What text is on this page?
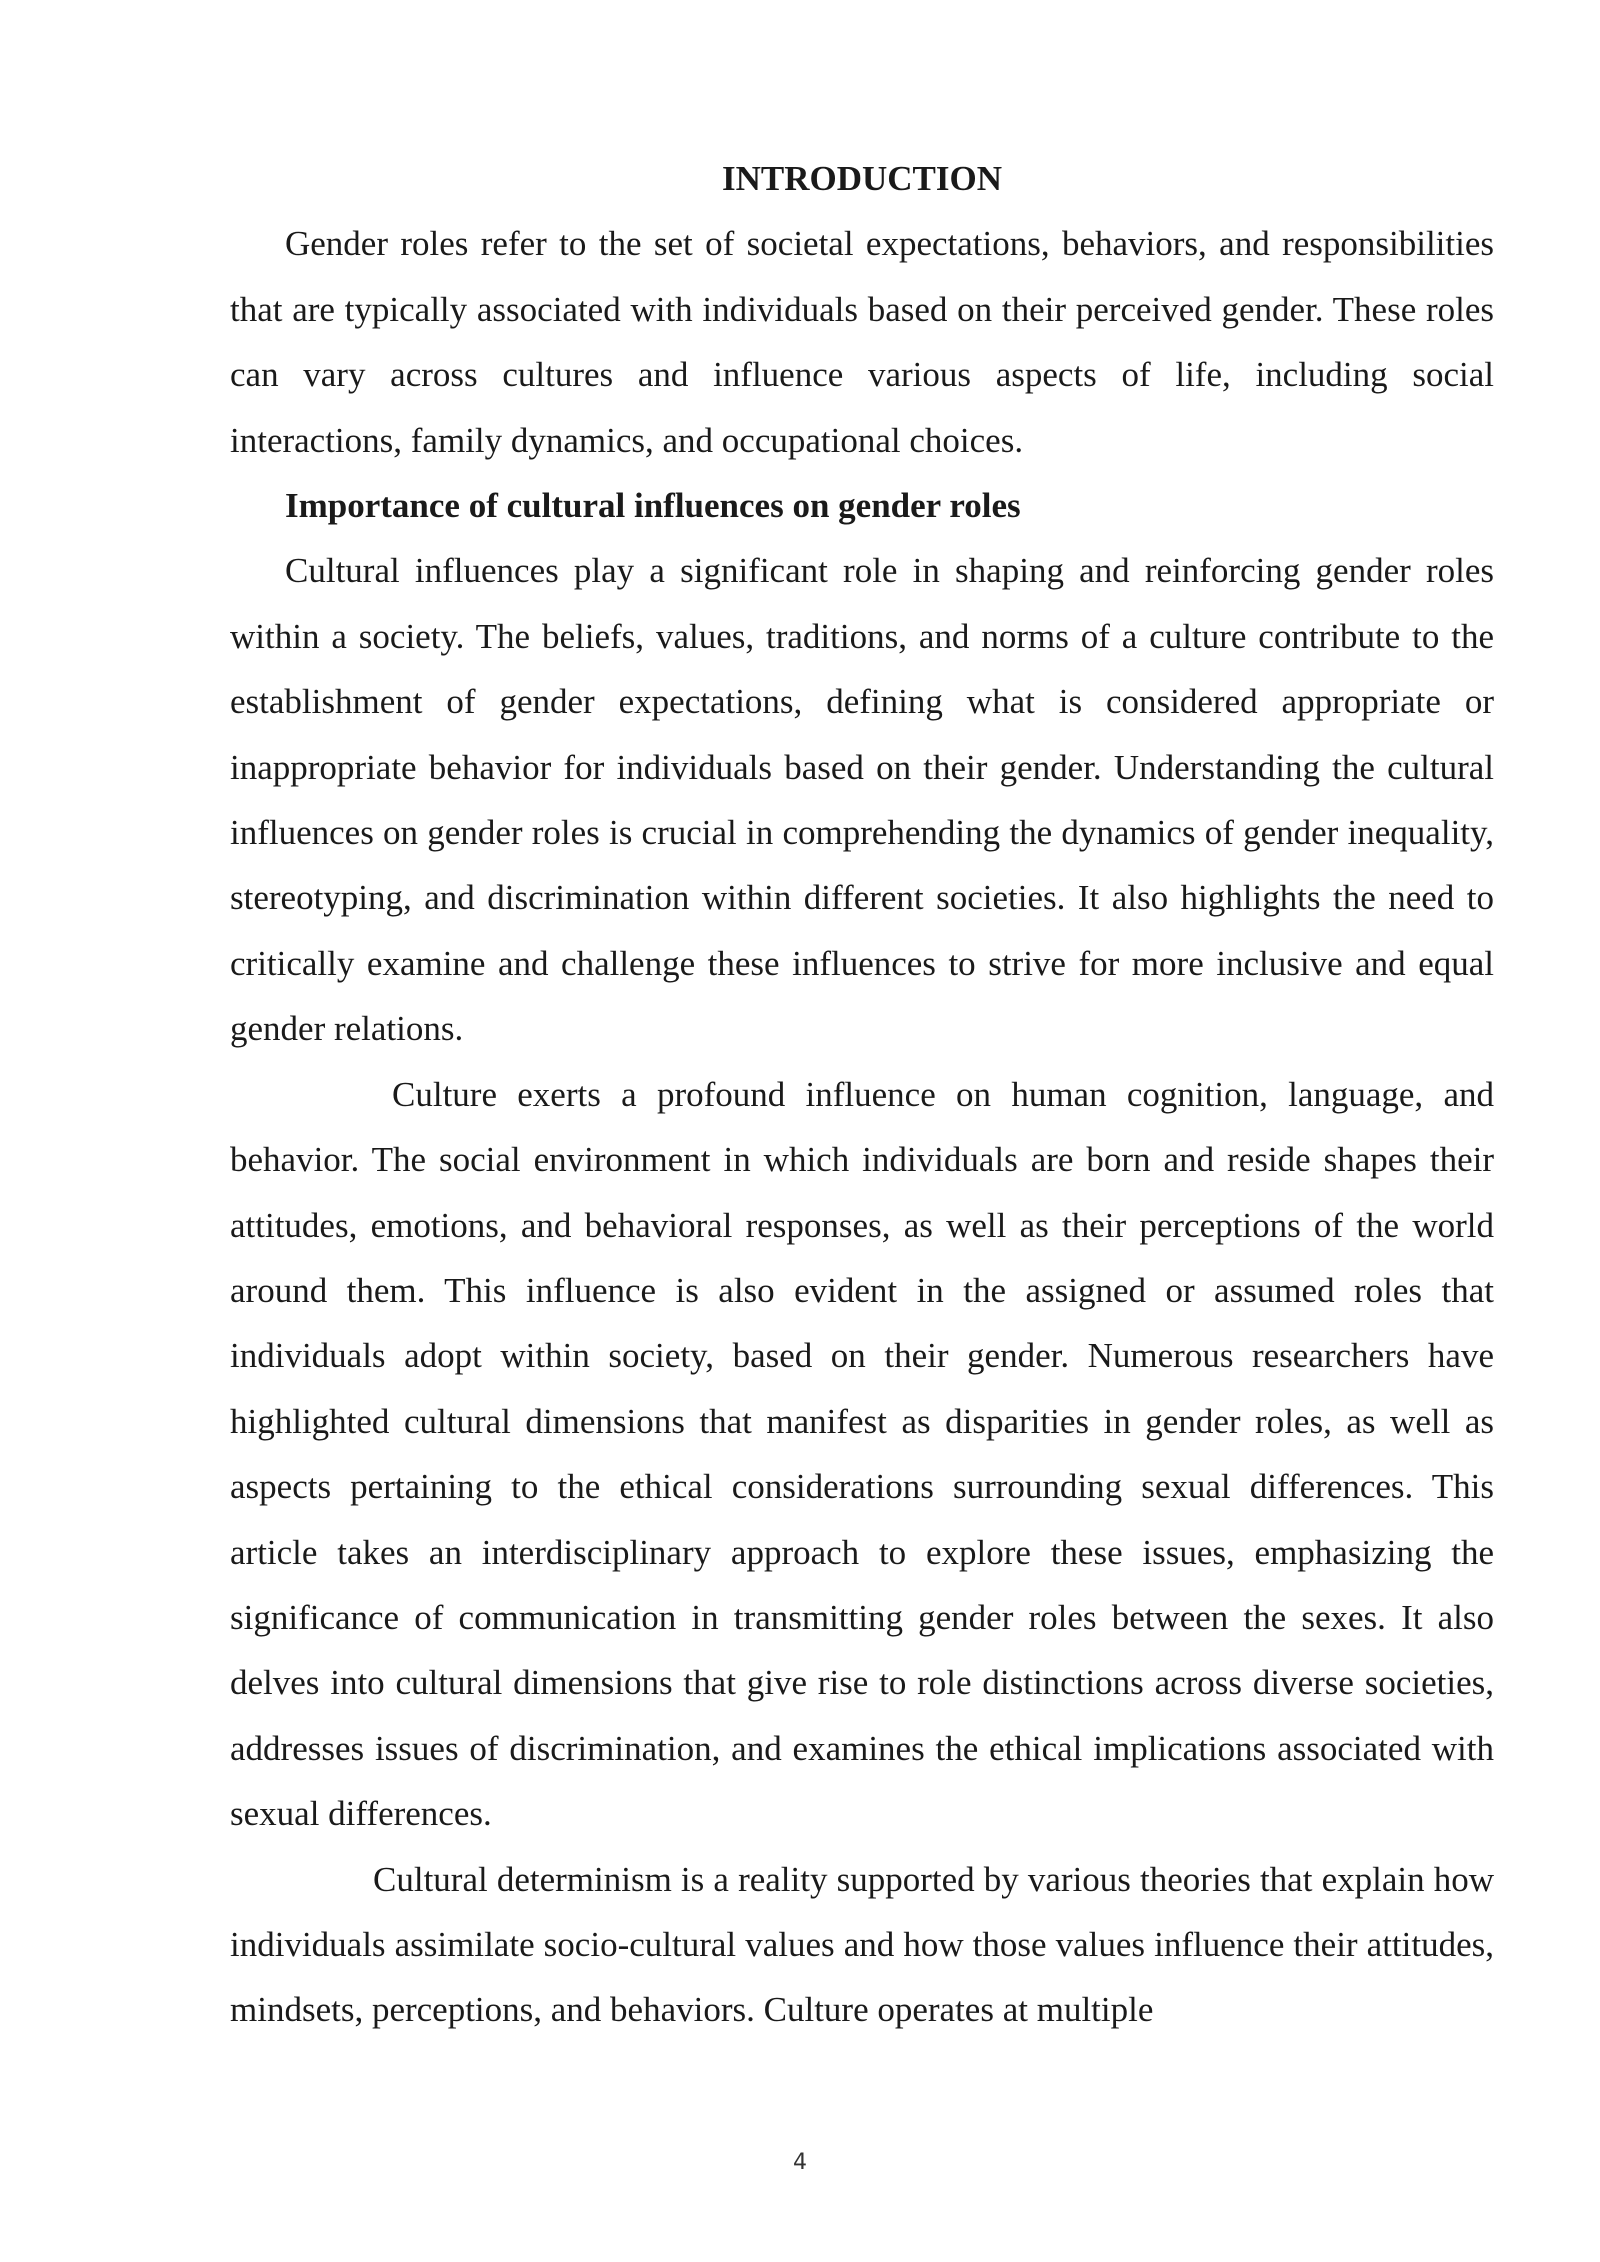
INTRODUCTION

Gender roles refer to the set of societal expectations, behaviors, and responsibilities that are typically associated with individuals based on their perceived gender. These roles can vary across cultures and influence various aspects of life, including social interactions, family dynamics, and occupational choices.

Importance of cultural influences on gender roles

Cultural influences play a significant role in shaping and reinforcing gender roles within a society. The beliefs, values, traditions, and norms of a culture contribute to the establishment of gender expectations, defining what is considered appropriate or inappropriate behavior for individuals based on their gender. Understanding the cultural influences on gender roles is crucial in comprehending the dynamics of gender inequality, stereotyping, and discrimination within different societies. It also highlights the need to critically examine and challenge these influences to strive for more inclusive and equal gender relations.

Culture exerts a profound influence on human cognition, language, and behavior. The social environment in which individuals are born and reside shapes their attitudes, emotions, and behavioral responses, as well as their perceptions of the world around them. This influence is also evident in the assigned or assumed roles that individuals adopt within society, based on their gender. Numerous researchers have highlighted cultural dimensions that manifest as disparities in gender roles, as well as aspects pertaining to the ethical considerations surrounding sexual differences. This article takes an interdisciplinary approach to explore these issues, emphasizing the significance of communication in transmitting gender roles between the sexes. It also delves into cultural dimensions that give rise to role distinctions across diverse societies, addresses issues of discrimination, and examines the ethical implications associated with sexual differences.

Cultural determinism is a reality supported by various theories that explain how individuals assimilate socio-cultural values and how those values influence their attitudes, mindsets, perceptions, and behaviors. Culture operates at multiple

4
